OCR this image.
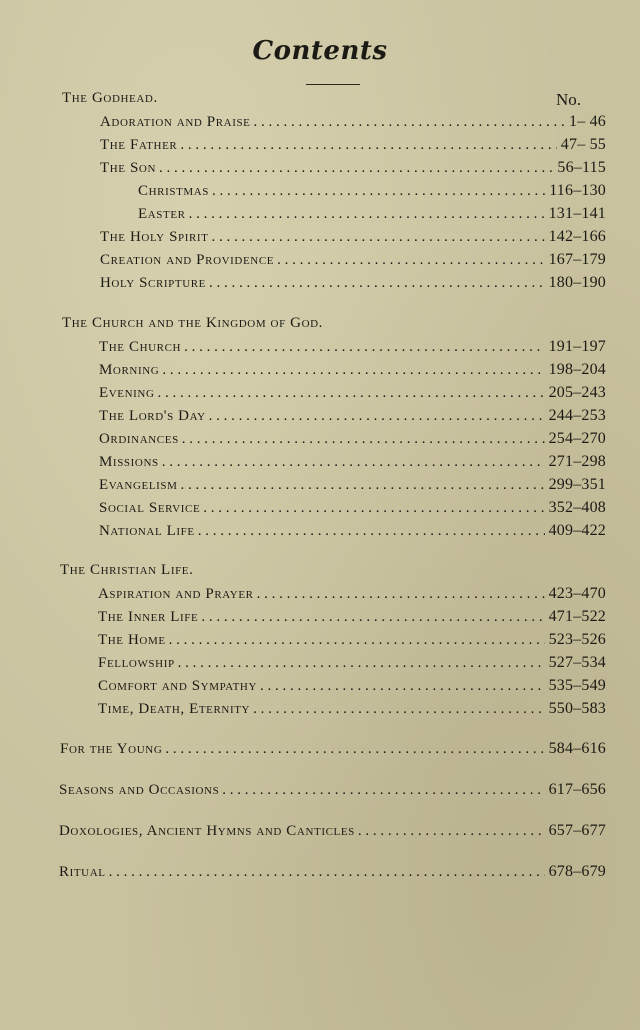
Contents
No.
The Godhead.
Adoration and Praise . . .	1– 46
The Father . . .	47– 55
The Son . . .	56–115
Christmas . . .	116–130
Easter . . .	131–141
The Holy Spirit . . .	142–166
Creation and Providence . . .	167–179
Holy Scripture . . .	180–190
The Church and the Kingdom of God.
The Church . . .	191–197
Morning . . .	198–204
Evening . . .	205–243
The Lord's Day . . .	244–253
Ordinances . . .	254–270
Missions . . .	271–298
Evangelism . . .	299–351
Social Service . . .	352–408
National Life . . .	409–422
The Christian Life.
Aspiration and Prayer . . .	423–470
The Inner Life . . .	471–522
The Home . . .	523–526
Fellowship . . .	527–534
Comfort and Sympathy . . .	535–549
Time, Death, Eternity . . .	550–583
For the Young . . .	584–616
Seasons and Occasions . . .	617–656
Doxologies, Ancient Hymns and Canticles . . .	657–677
Ritual . . .	678–679
